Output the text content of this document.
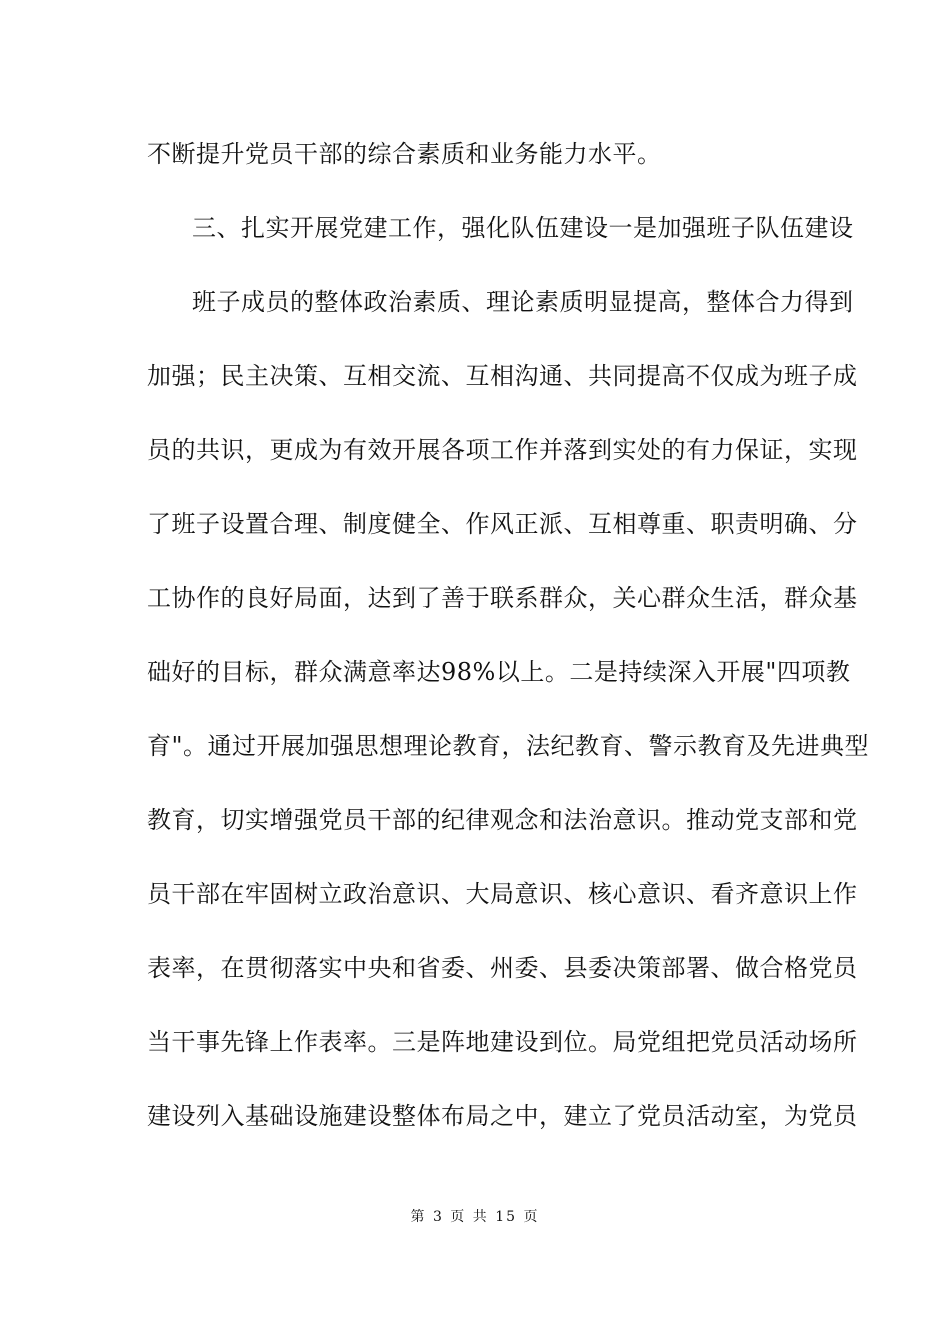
不断提升党员干部的综合素质和业务能力水平。
三、扎实开展党建工作，强化队伍建设一是加强班子队伍建设
班子成员的整体政治素质、理论素质明显提高，整体合力得到
加强；民主决策、互相交流、互相沟通、共同提高不仅成为班子成
员的共识，更成为有效开展各项工作并落到实处的有力保证，实现
了班子设置合理、制度健全、作风正派、互相尊重、职责明确、分
工协作的良好局面，达到了善于联系群众，关心群众生活，群众基
础好的目标，群众满意率达98%以上。二是持续深入开展"四项教
育"。通过开展加强思想理论教育，法纪教育、警示教育及先进典型
教育，切实增强党员干部的纪律观念和法治意识。推动党支部和党
员干部在牢固树立政治意识、大局意识、核心意识、看齐意识上作
表率，在贯彻落实中央和省委、州委、县委决策部署、做合格党员
当干事先锋上作表率。三是阵地建设到位。局党组把党员活动场所
建设列入基础设施建设整体布局之中，建立了党员活动室，为党员
第 3 页 共 15 页
